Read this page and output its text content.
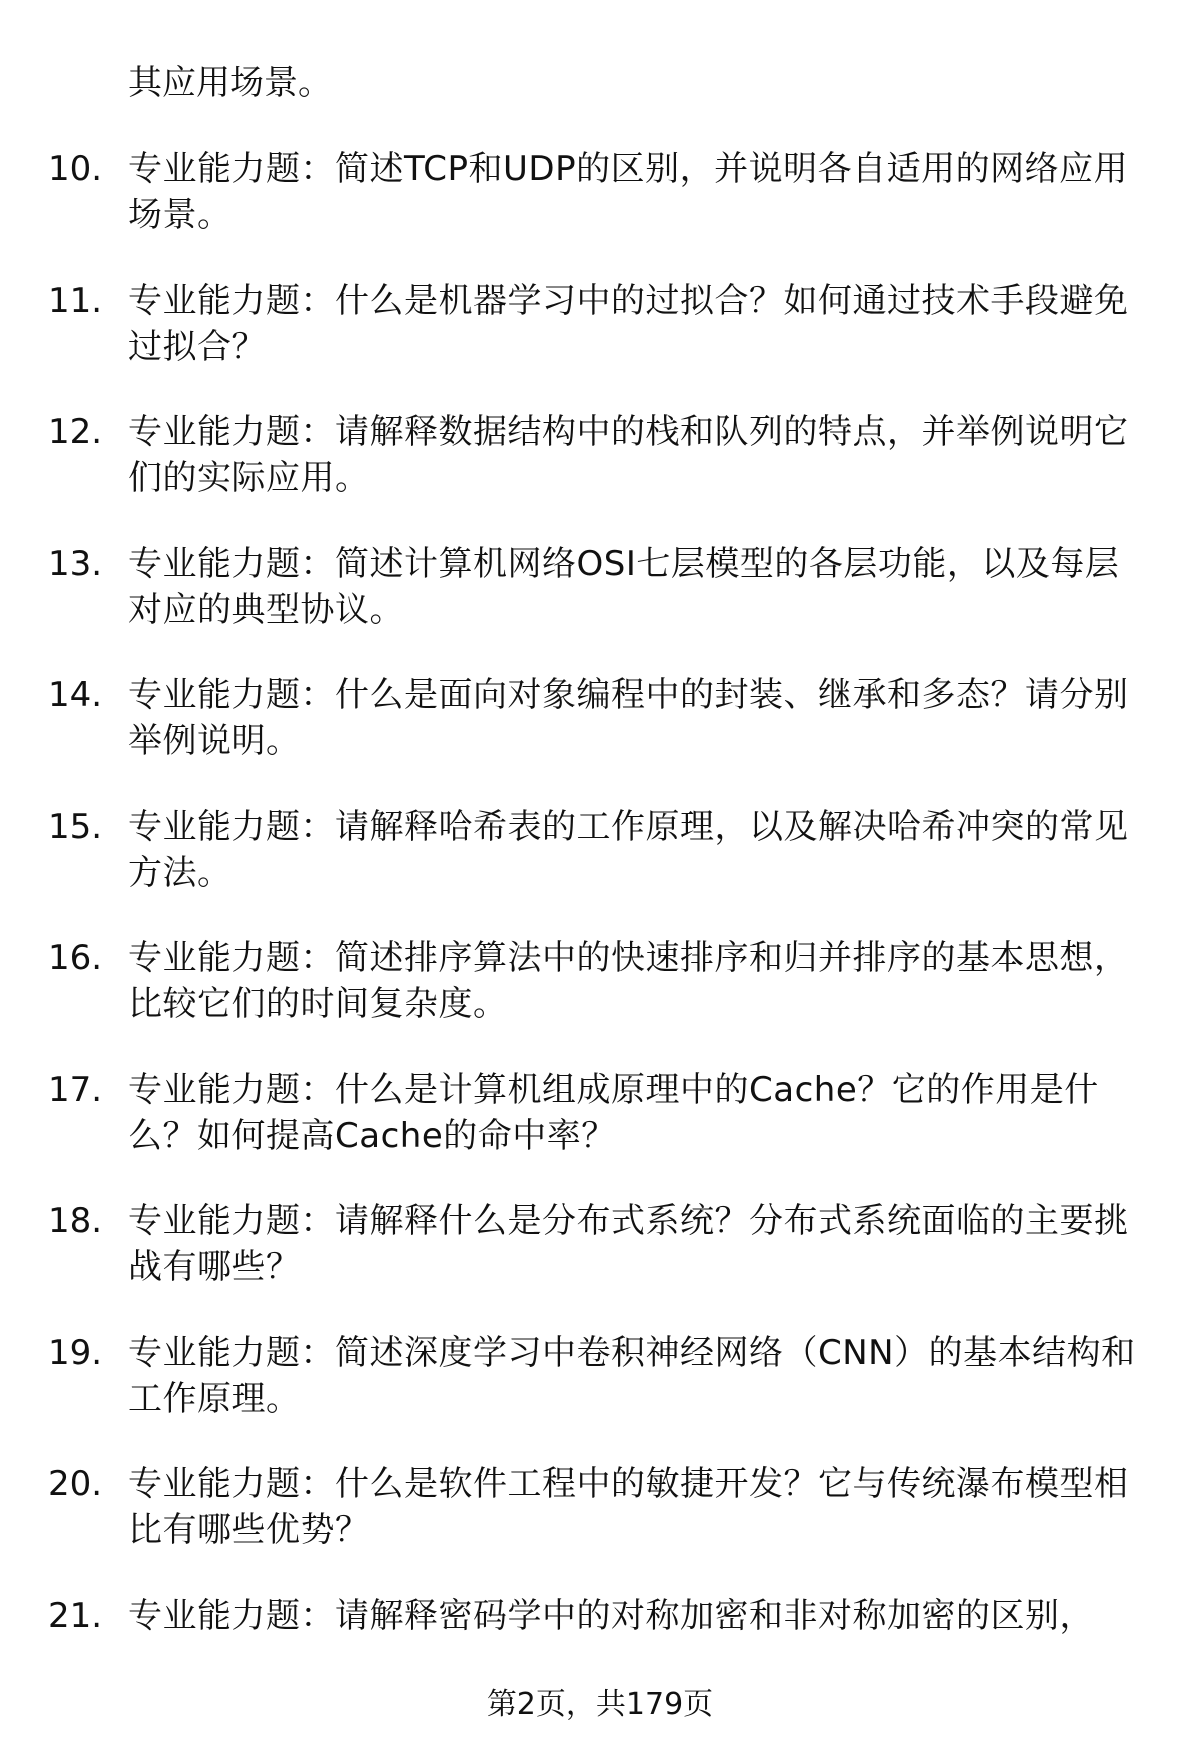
其应用场景。
10. 专业能力题：简述TCP和UDP的区别，并说明各自适用的网络应用场景。
11. 专业能力题：什么是机器学习中的过拟合？如何通过技术手段避免过拟合？
12. 专业能力题：请解释数据结构中的栈和队列的特点，并举例说明它们的实际应用。
13. 专业能力题：简述计算机网络OSI七层模型的各层功能，以及每层对应的典型协议。
14. 专业能力题：什么是面向对象编程中的封装、继承和多态？请分别举例说明。
15. 专业能力题：请解释哈希表的工作原理，以及解决哈希冲突的常见方法。
16. 专业能力题：简述排序算法中的快速排序和归并排序的基本思想，比较它们的时间复杂度。
17. 专业能力题：什么是计算机组成原理中的Cache？它的作用是什么？如何提高Cache的命中率？
18. 专业能力题：请解释什么是分布式系统？分布式系统面临的主要挑战有哪些？
19. 专业能力题：简述深度学习中卷积神经网络（CNN）的基本结构和工作原理。
20. 专业能力题：什么是软件工程中的敏捷开发？它与传统瀑布模型相比有哪些优势？
21. 专业能力题：请解释密码学中的对称加密和非对称加密的区别，
第2页，共179页
